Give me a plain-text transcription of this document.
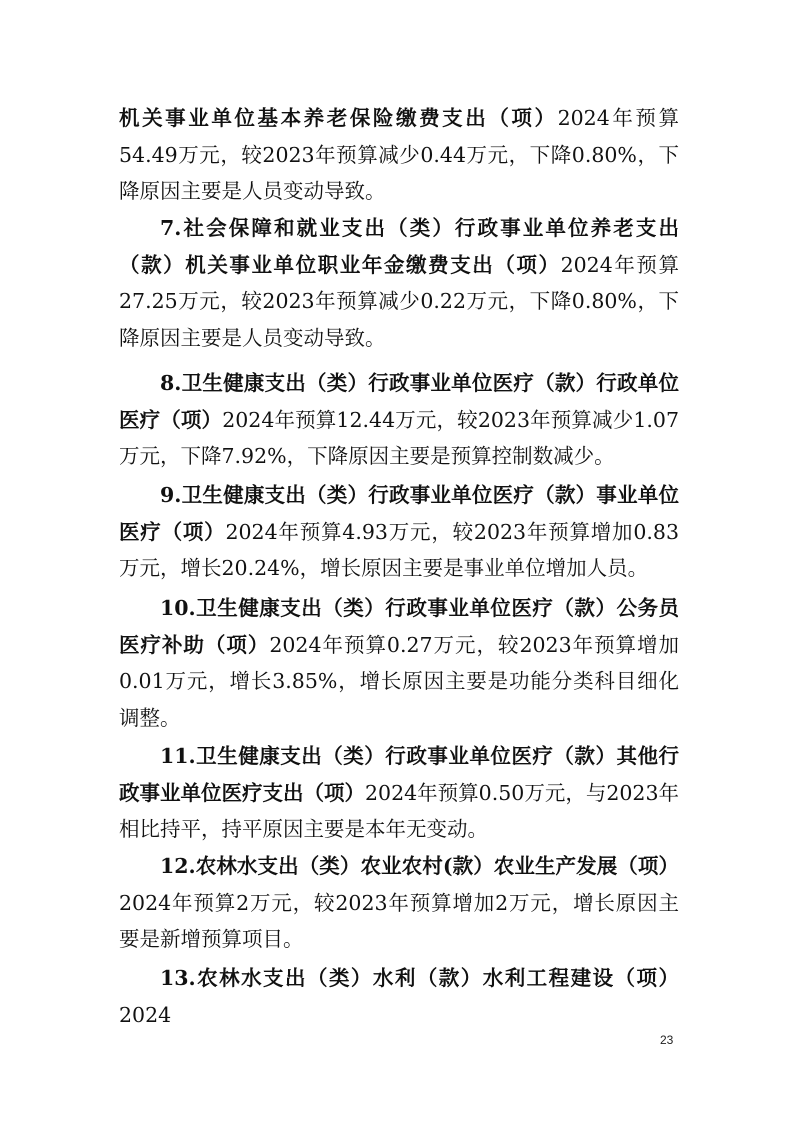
机关事业单位基本养老保险缴费支出（项）2024年预算54.49万元，较2023年预算减少0.44万元，下降0.80%，下降原因主要是人员变动导致。

7.社会保障和就业支出（类）行政事业单位养老支出（款）机关事业单位职业年金缴费支出（项）2024年预算27.25万元，较2023年预算减少0.22万元，下降0.80%，下降原因主要是人员变动导致。

8.卫生健康支出（类）行政事业单位医疗（款）行政单位医疗（项）2024年预算12.44万元，较2023年预算减少1.07万元，下降7.92%，下降原因主要是预算控制数减少。

9.卫生健康支出（类）行政事业单位医疗（款）事业单位医疗（项）2024年预算4.93万元，较2023年预算增加0.83万元，增长20.24%，增长原因主要是事业单位增加人员。

10.卫生健康支出（类）行政事业单位医疗（款）公务员医疗补助（项）2024年预算0.27万元，较2023年预算增加0.01万元，增长3.85%，增长原因主要是功能分类科目细化调整。

11.卫生健康支出（类）行政事业单位医疗（款）其他行政事业单位医疗支出（项）2024年预算0.50万元，与2023年相比持平，持平原因主要是本年无变动。

12.农林水支出（类）农业农村(款）农业生产发展（项）2024年预算2万元，较2023年预算增加2万元，增长原因主要是新增预算项目。

13.农林水支出（类）水利（款）水利工程建设（项）2024

23
